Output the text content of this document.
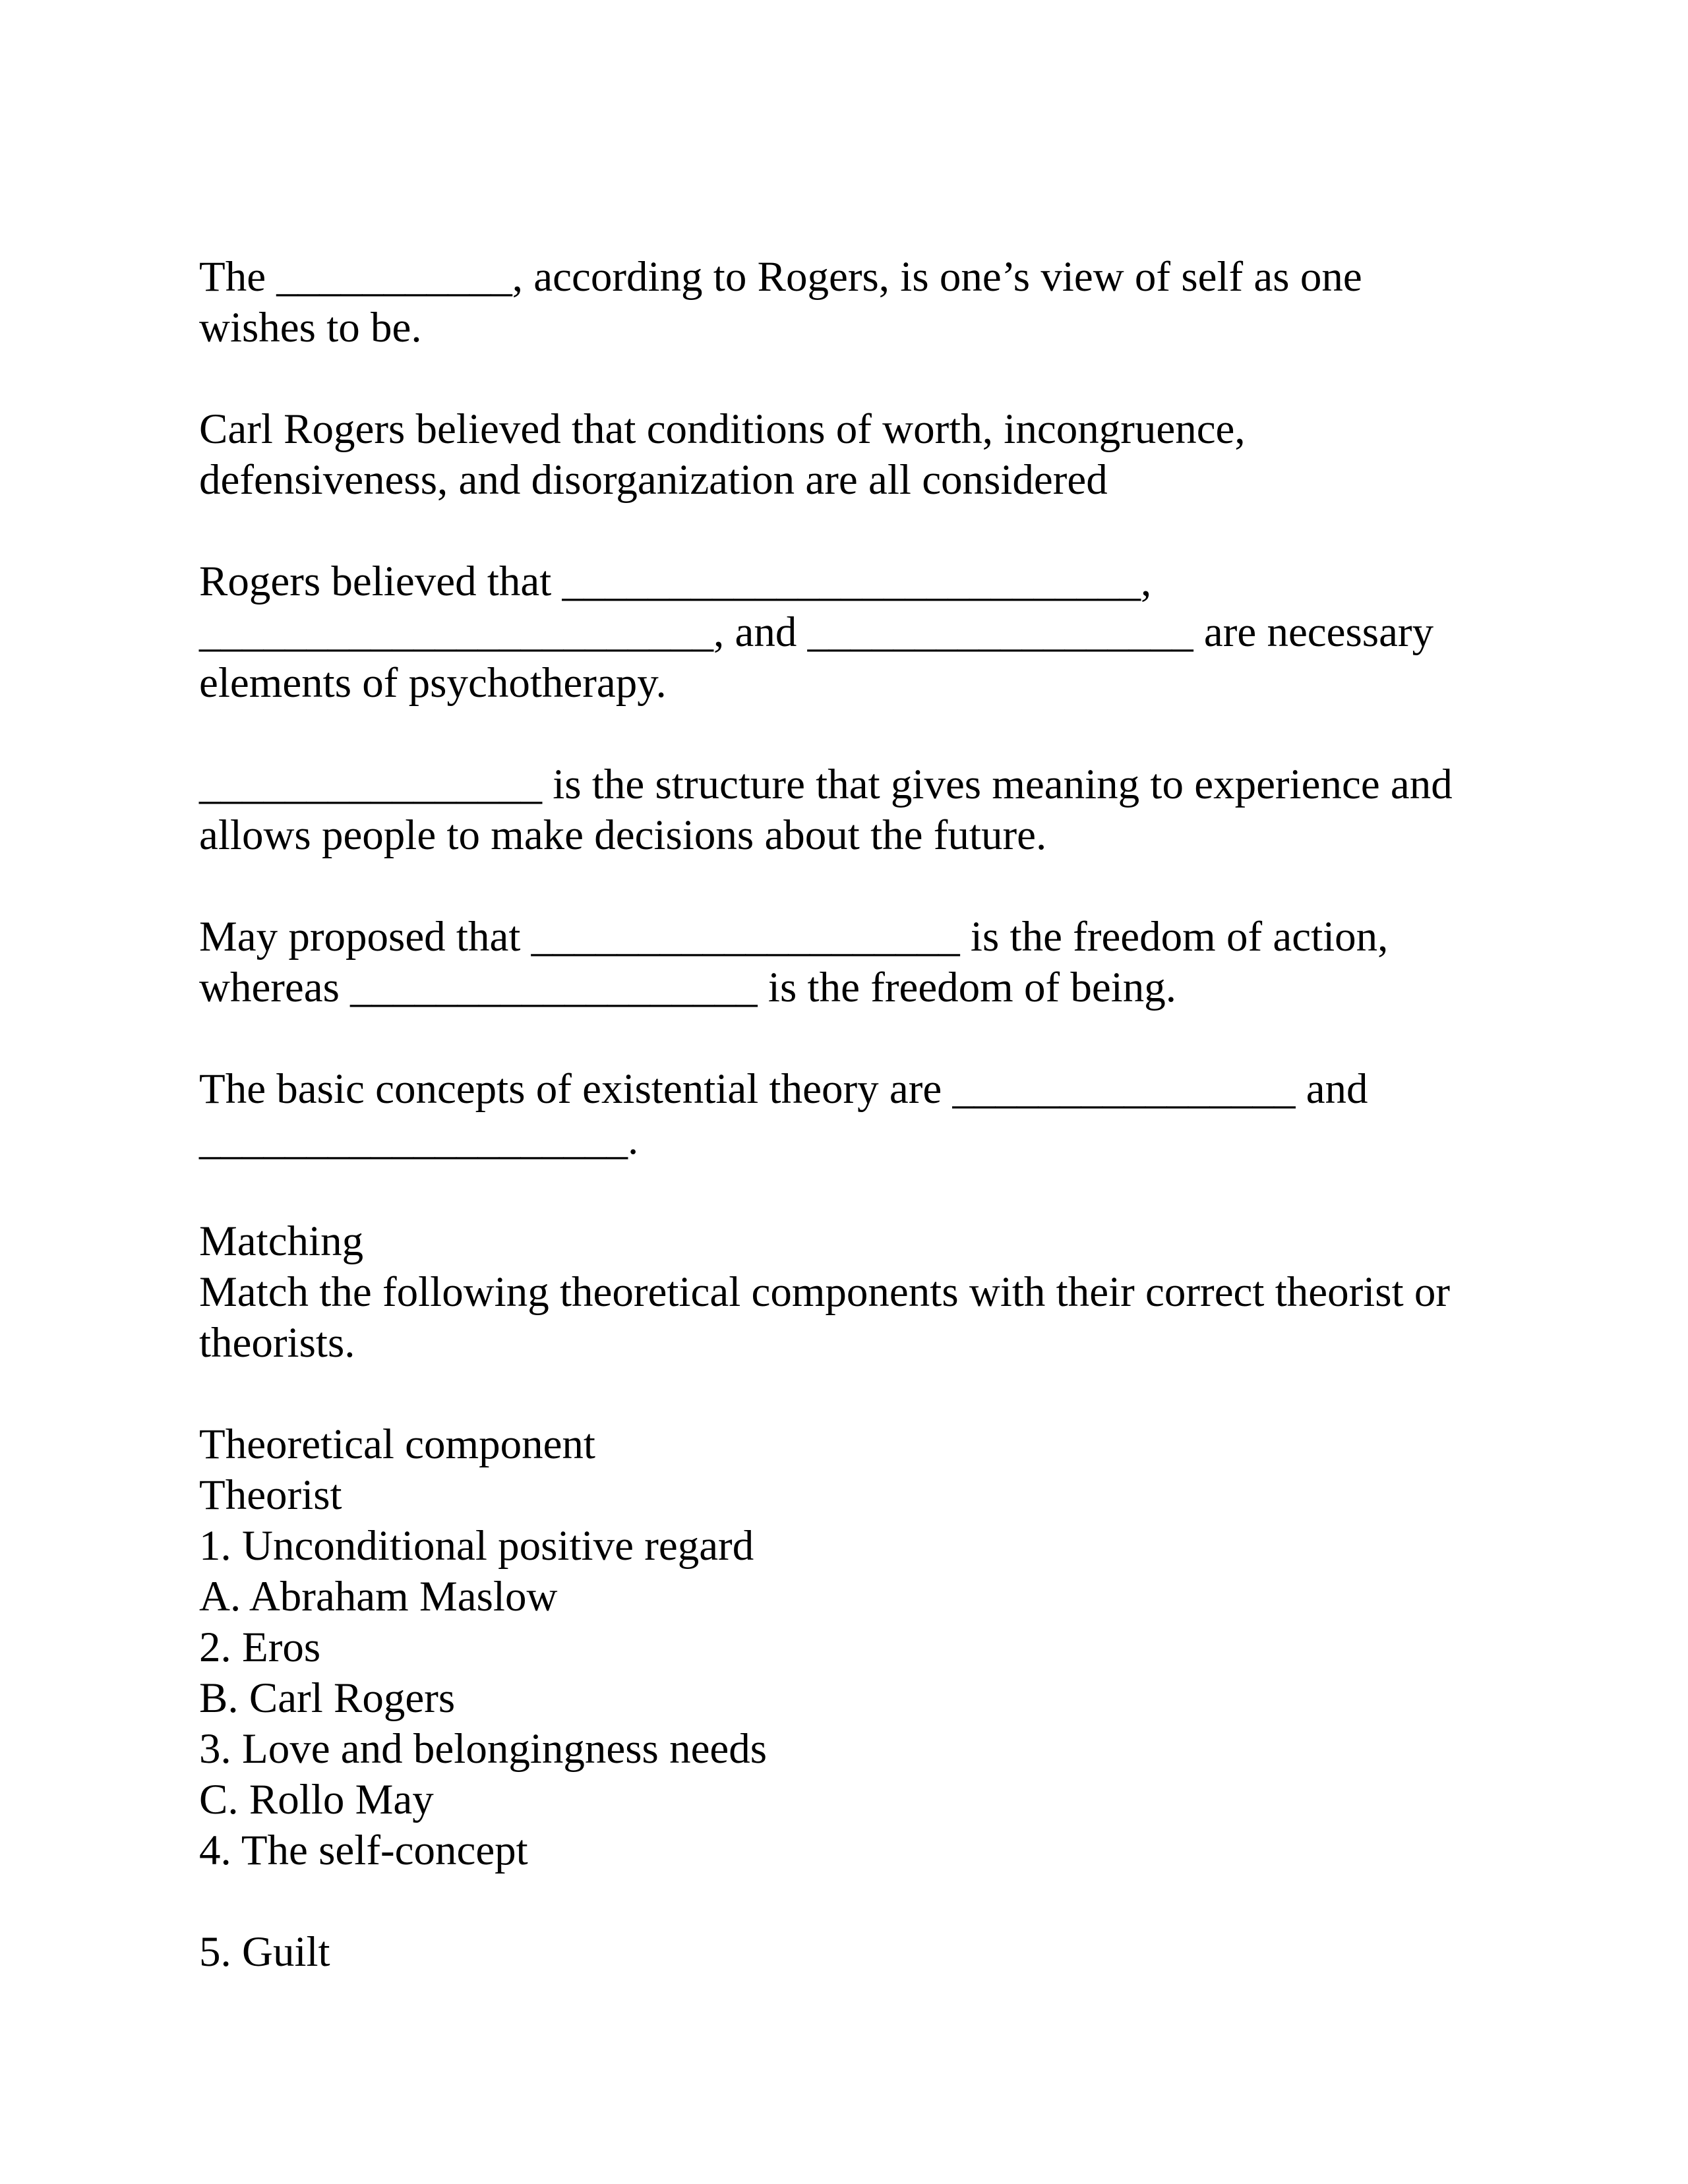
The ___________, according to Rogers, is one’s view of self as one
wishes to be.
Carl Rogers believed that conditions of worth, incongruence,
defensiveness, and disorganization are all considered
Rogers believed that ___________________________,
________________________, and __________________ are necessary
elements of psychotherapy.
________________ is the structure that gives meaning to experience and
allows people to make decisions about the future.
May proposed that ____________________ is the freedom of action,
whereas ___________________ is the freedom of being.
The basic concepts of existential theory are ________________ and
____________________.
Matching
Match the following theoretical components with their correct theorist or
theorists.
Theoretical component
Theorist
1. Unconditional positive regard
A. Abraham Maslow
2. Eros
B. Carl Rogers
3. Love and belongingness needs
C. Rollo May
4. The self-concept
5. Guilt
